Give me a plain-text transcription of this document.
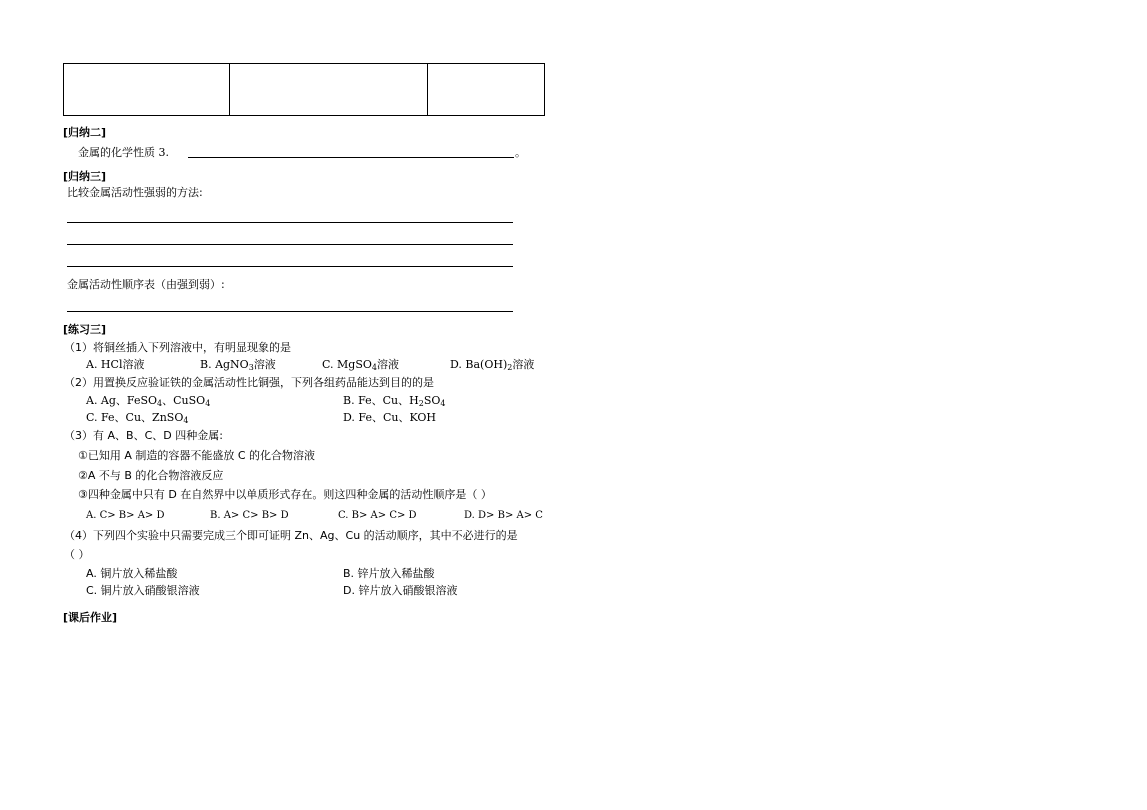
[归纳二]
金属的化学性质 3.	。
[归纳三]
比较金属活动性强弱的方法:
金属活动性顺序表（由强到弱）:
[练习三]
（1）将铜丝插入下列溶液中，有明显现象的是
A. HCl溶液	B. AgNO$_3$溶液	C. MgSO$_4$溶液	D. $Ba(OH)_2$溶液
（2）用置换反应验证铁的金属活动性比铜强，下列各组药品能达到目的的是
A. Ag、FeSO$_4$、CuSO$_4$	B. Fe、Cu、$H_2SO_4$
C. Fe、Cu、ZnSO$_4$	D. Fe、Cu、KOH
（3）有 A、B、C、D 四种金属:
①已知用 A 制造的容器不能盛放 C 的化合物溶液
②A 不与 B 的化合物溶液反应
③四种金属中只有 D 在自然界中以单质形式存在。则这四种金属的活动性顺序是（ ）
A. C> B> A> D	B. A> C> B> D	C. B> A> C> D	D. D> B> A> C
（4）下列四个实验中只需要完成三个即可证明 Zn、Ag、Cu 的活动顺序，其中不必进行的是
（ ）
A. 铜片放入稀盐酸	B. 锌片放入稀盐酸
C. 铜片放入硝酸银溶液	D. 锌片放入硝酸银溶液
[课后作业]
